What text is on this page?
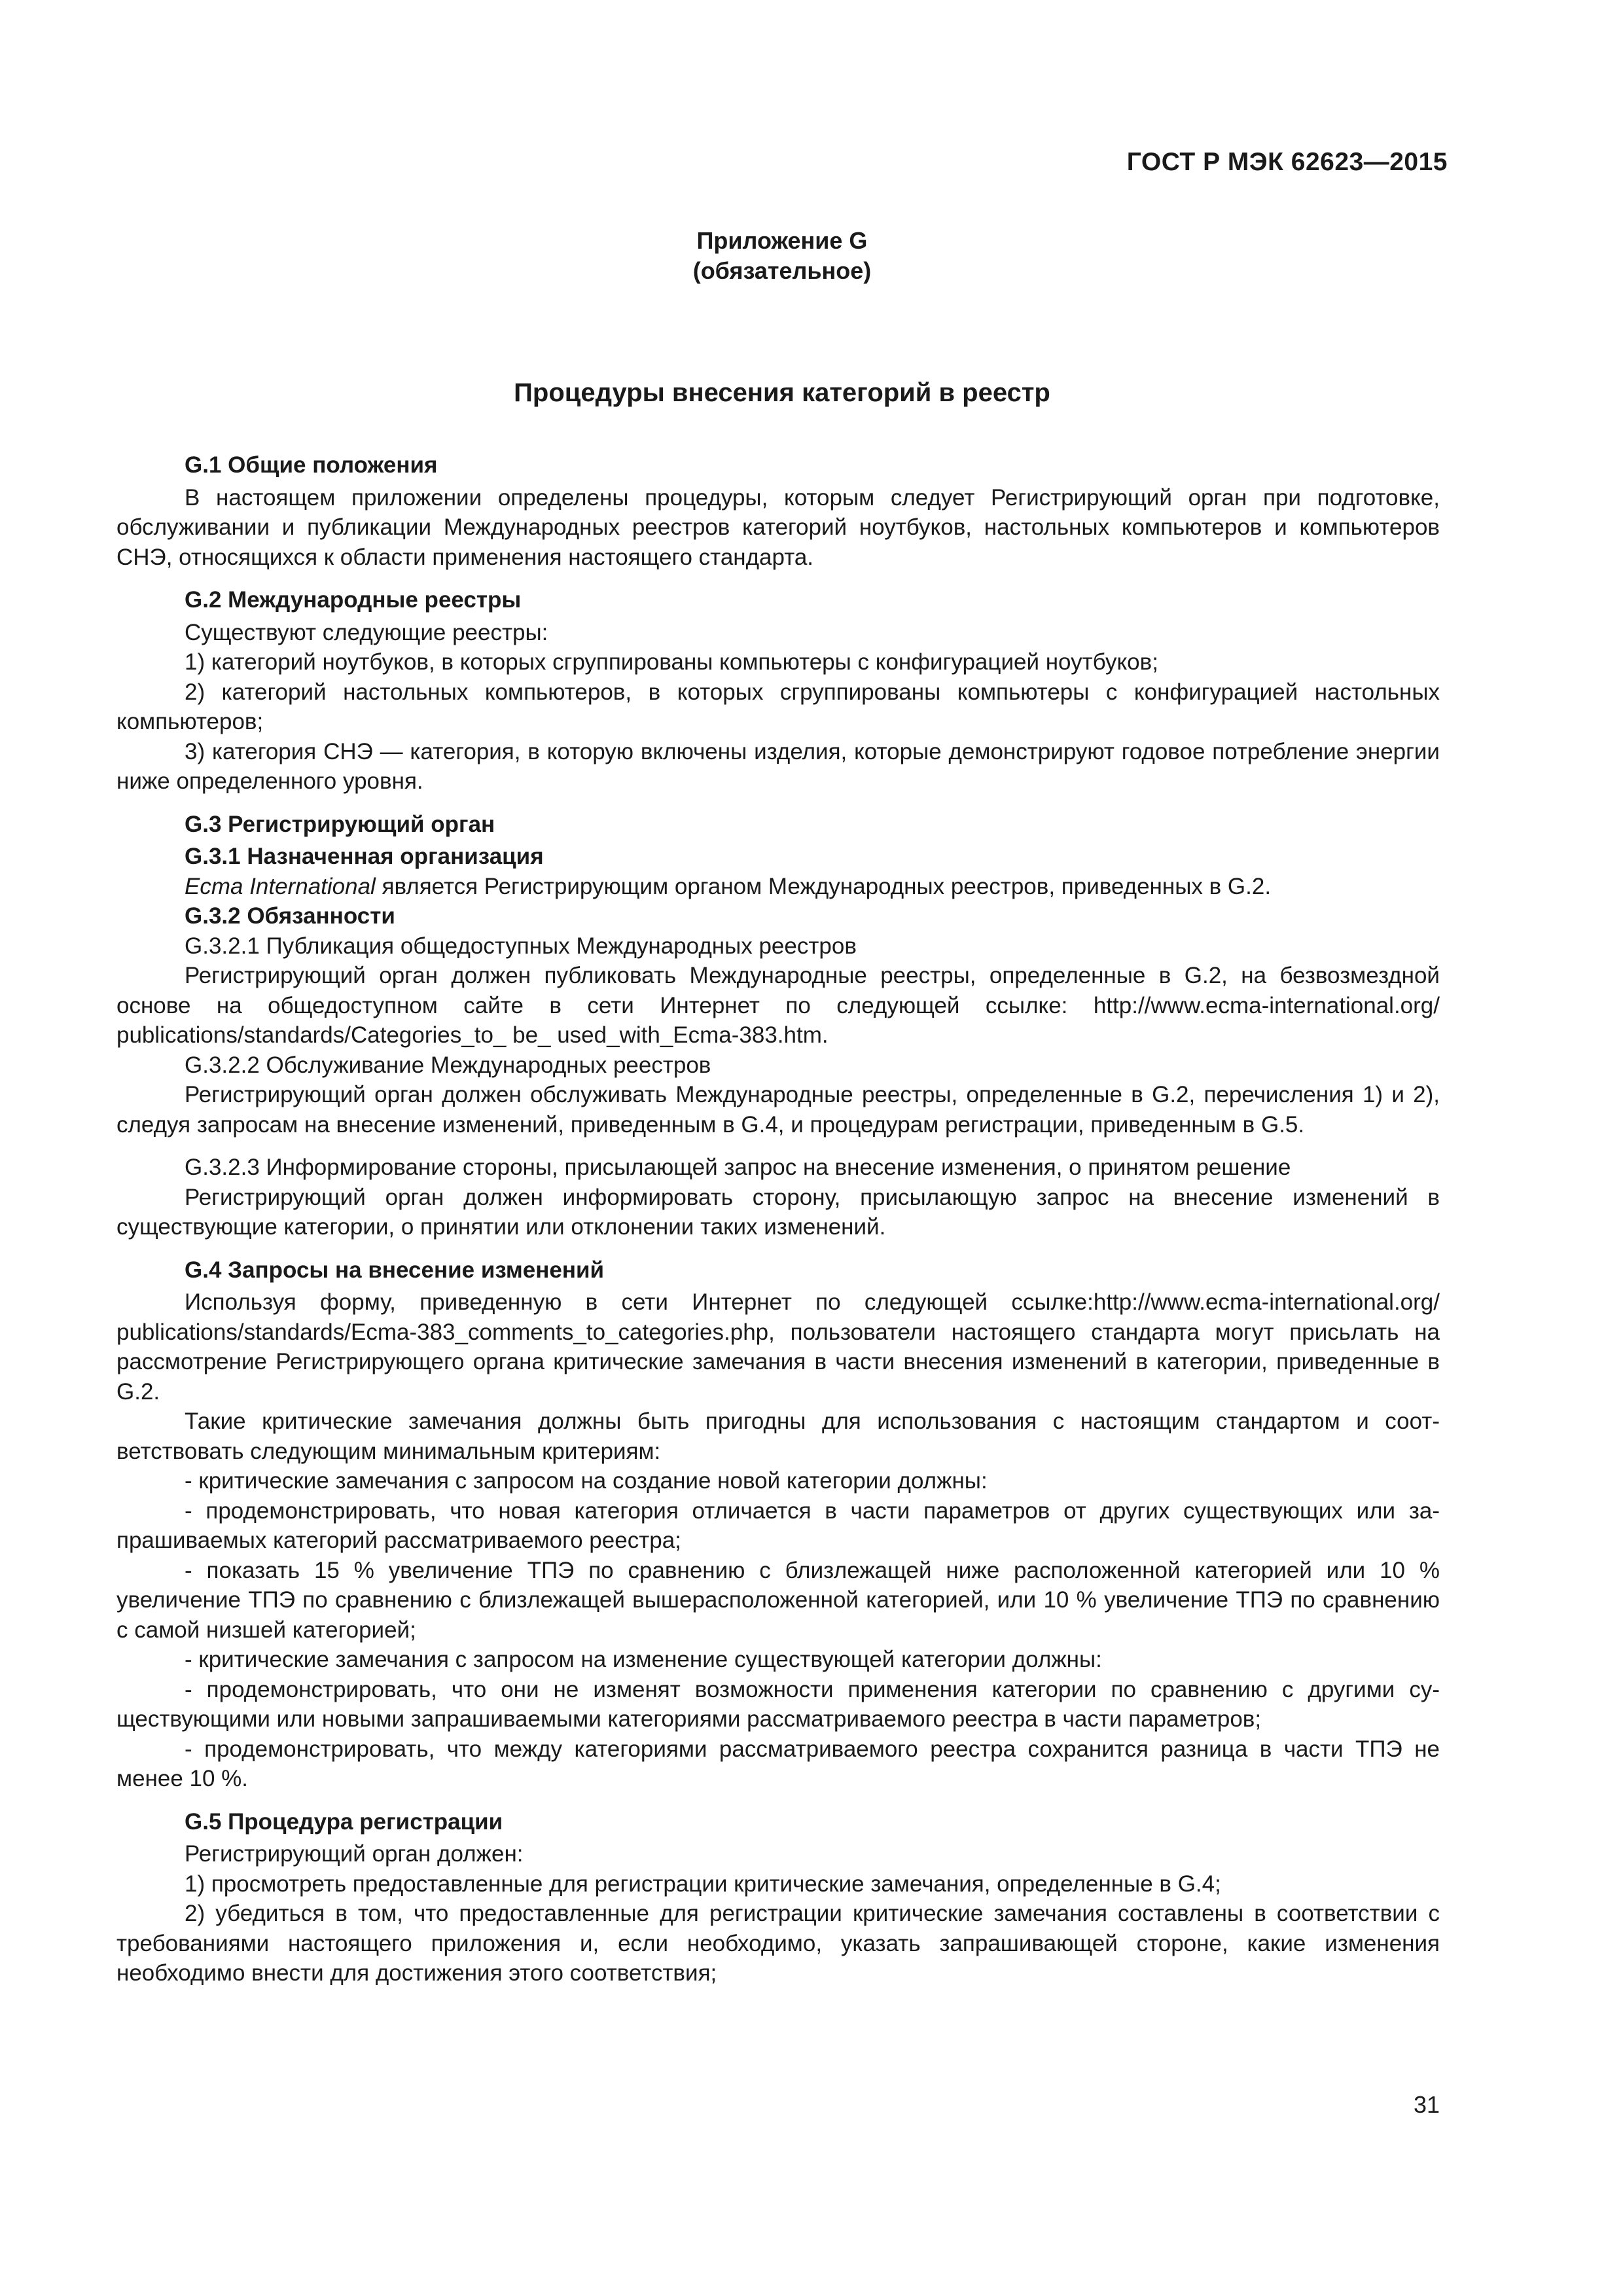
ГОСТ Р МЭК 62623—2015
Приложение G
(обязательное)
Процедуры внесения категорий в реестр

G.1 Общие положения

В настоящем приложении определены процедуры, которым следует Регистрирующий орган при подготовке, обслуживании и публикации Международных реестров категорий ноутбуков, настольных компьютеров и компьютеров СНЭ, относящихся к области применения настоящего стандарта.

G.2 Международные реестры

Существуют следующие реестры:

1) категорий ноутбуков, в которых сгруппированы компьютеры с конфигурацией ноутбуков;

2) категорий настольных компьютеров, в которых сгруппированы компьютеры с конфигурацией настольных компьютеров;

3) категория СНЭ — категория, в которую включены изделия, которые демонстрируют годовое потребление энергии ниже определенного уровня.

G.3 Регистрирующий орган

G.3.1 Назначенная организация

Ecma International является Регистрирующим органом Международных реестров, приведенных в G.2.

G.3.2 Обязанности

G.3.2.1 Публикация общедоступных Международных реестров

Регистрирующий орган должен публиковать Международные реестры, определенные в G.2, на безвозмездной основе на общедоступном сайте в сети Интернет по следующей ссылке: http://www.ecma-international.org/ publications/standards/Categories_to_ be_ used_with_Ecma-383.htm.

G.3.2.2 Обслуживание Международных реестров

Регистрирующий орган должен обслуживать Международные реестры, определенные в G.2, перечисления 1) и 2), следуя запросам на внесение изменений, приведенным в G.4, и процедурам регистрации, приведенным в G.5.

G.3.2.3 Информирование стороны, присылающей запрос на внесение изменения, о принятом решение

Регистрирующий орган должен информировать сторону, присылающую запрос на внесение изменений в существующие категории, о принятии или отклонении таких изменений.

G.4 Запросы на внесение изменений

Используя форму, приведенную в сети Интернет по следующей ссылке:http://www.ecma-international.org/ publications/standards/Ecma-383_comments_to_categories.php, пользователи настоящего стандарта могут присьлать на рассмотрение Регистрирующего органа критические замечания в части внесения изменений в категории, приведенные в G.2.

Такие критические замечания должны быть пригодны для использования с настоящим стандартом и соответствовать следующим минимальным критериям:

- критические замечания с запросом на создание новой категории должны:

- продемонстрировать, что новая категория отличается в части параметров от других существующих или запрашиваемых категорий рассматриваемого реестра;

- показать 15 % увеличение ТПЭ по сравнению с близлежащей ниже расположенной категорией или 10 % увеличение ТПЭ по сравнению с близлежащей вышерасположенной категорией, или 10 % увеличение ТПЭ по сравнению с самой низшей категорией;

- критические замечания с запросом на изменение существующей категории должны:

- продемонстрировать, что они не изменят возможности применения категории по сравнению с другими существующими или новыми запрашиваемыми категориями рассматриваемого реестра в части параметров;

- продемонстрировать, что между категориями рассматриваемого реестра сохранится разница в части ТПЭ не менее 10 %.

G.5 Процедура регистрации

Регистрирующий орган должен:

1) просмотреть предоставленные для регистрации критические замечания, определенные в G.4;

2) убедиться в том, что предоставленные для регистрации критические замечания составлены в соответствии с требованиями настоящего приложения и, если необходимо, указать запрашивающей стороне, какие изменения необходимо внести для достижения этого соответствия;

31
